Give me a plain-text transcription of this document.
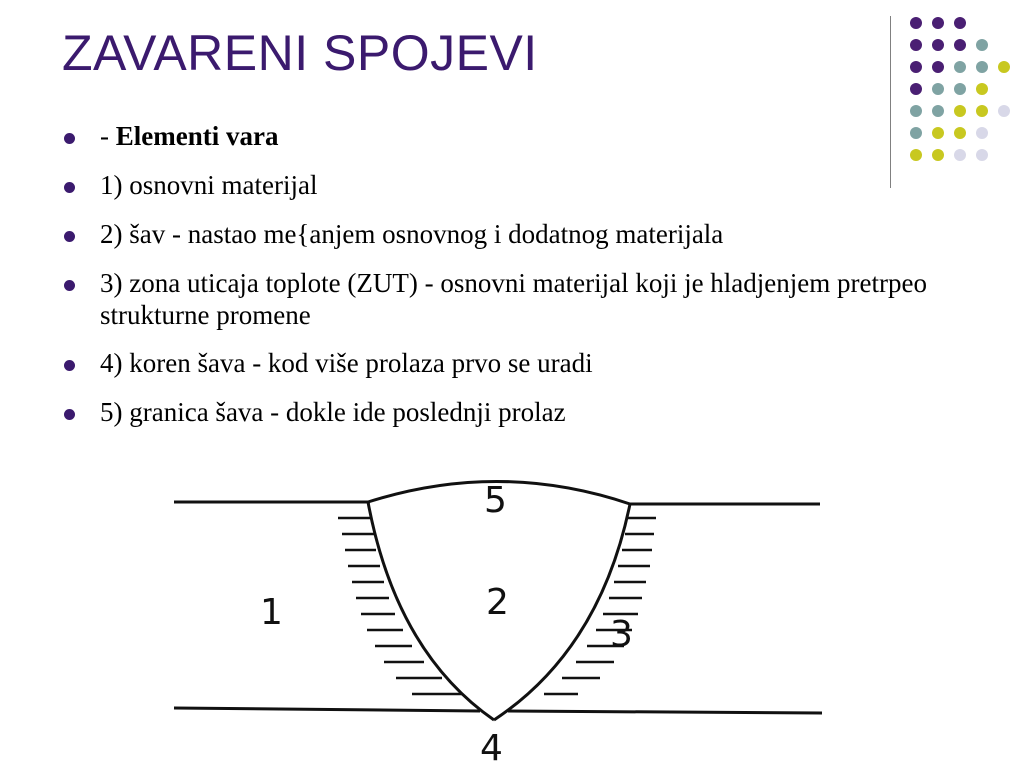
ZAVARENI SPOJEVI
- Elementi vara
1) osnovni materijal
2) šav - nastao me{anjem osnovnog i dodatnog materijala
3) zona uticaja toplote (ZUT) - osnovni materijal koji je hladjenjem pretrpeo strukturne promene
4) koren šava - kod više prolaza prvo se uradi
5) granica šava - dokle ide poslednji prolaz
1	2
3
4
5
